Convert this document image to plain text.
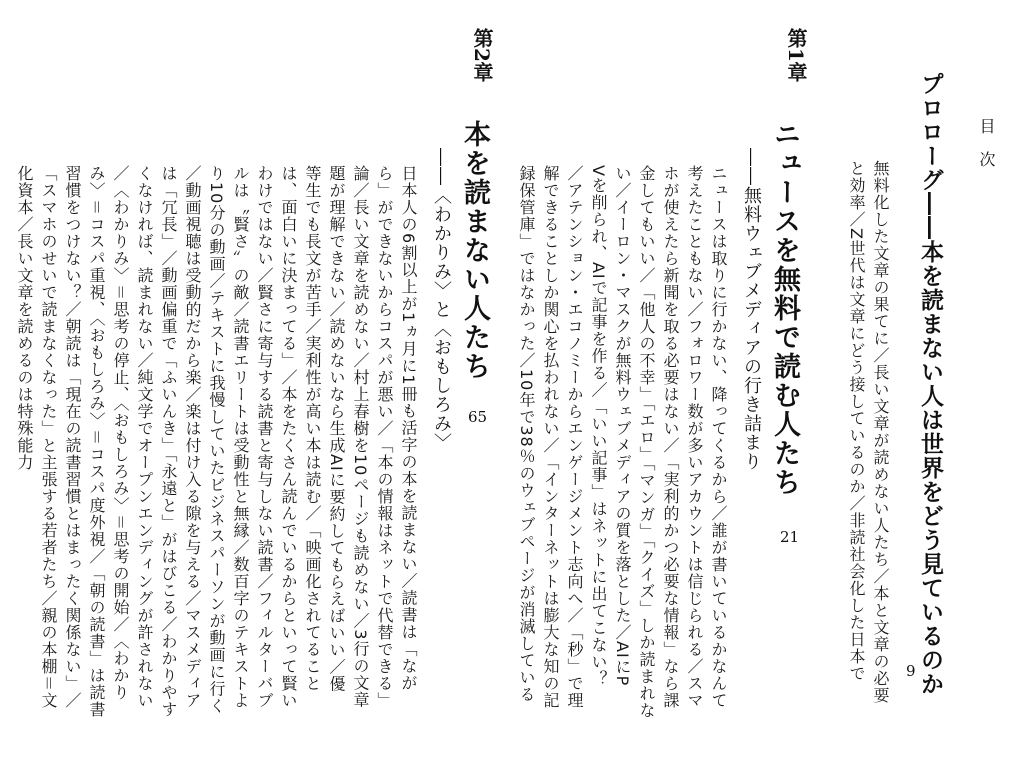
目 次
プロローグ――本を読まない人は世界をどう見ているのか
9
無料化した文章の果てに／長い文章が読めない人たち／本と文章の必要
と効率／Z世代は文章にどう接しているのか／非読社会化した日本で
第1章
ニュースを無料で読む人たち
――無料ウェブメディアの行き詰まり
21
ニュースは取りに行かない、降ってくるから／誰が書いているかなんて
考えたこともない／フォロワー数が多いアカウントは信じられる／スマ
ホが使えたら新聞を取る必要はない／「実利的かつ必要な情報」なら課
金してもいい／「他人の不幸」「エロ」「マンガ」「クイズ」しか読まれな
い／イーロン・マスクが無料ウェブメディアの質を落とした／AIにP
Vを削られ、AIで記事を作る／「いい記事」はネットに出てこない？
／アテンション・エコノミーからエンゲージメント志向へ／「秒」で理
解できることしか関心を払われない／「インターネットは膨大な知の記
録保管庫」ではなかった／10年で38％のウェブページが消滅している
第2章
本を読まない人たち
――〈わかりみ〉と〈おもしろみ〉 65
日本人の6割以上が1ヵ月に1冊も活字の本を読まない／読書は「なが
ら」ができないからコスパが悪い／「本の情報はネットで代替できる」
論／長い文章を読めない／村上春樹を10ページも読めない／3行の文章
題が理解できない／読めないなら生成AIに要約してもらえばいい／優
等生でも長文が苦手／実利性が高い本は読む／「映画化されてること
は、面白いに決まってる」／本をたくさん読んでいるからといって賢い
わけではない／賢さに寄与する読書と寄与しない読書／フィルターバブ
ルは〝賢さ〟の敵／読書エリートは受動性と無縁／数百字のテキストよ
り10分の動画／テキストに我慢していたビジネスパーソンが動画に行く
／動画視聴は受動的だから楽／楽は付け入る隙を与える／マスメディア
は「冗長」／動画偏重で「ふいんき」「永遠と」がはびこる／わかりやす
くなければ、読まれない／純文学でオープンエンディングが許されない
／〈わかりみ〉＝思考の停止、〈おもしろみ〉＝思考の開始／〈わかり
み〉＝コスパ重視、〈おもしろみ〉＝コスパ度外視／「朝の読書」は読書
習慣をつけない？／朝読は「現在の読書習慣とはまったく関係ない」／
「スマホのせいで読まなくなった」と主張する若者たち／親の本棚＝文
化資本／長い文章を読めるのは特殊能力
